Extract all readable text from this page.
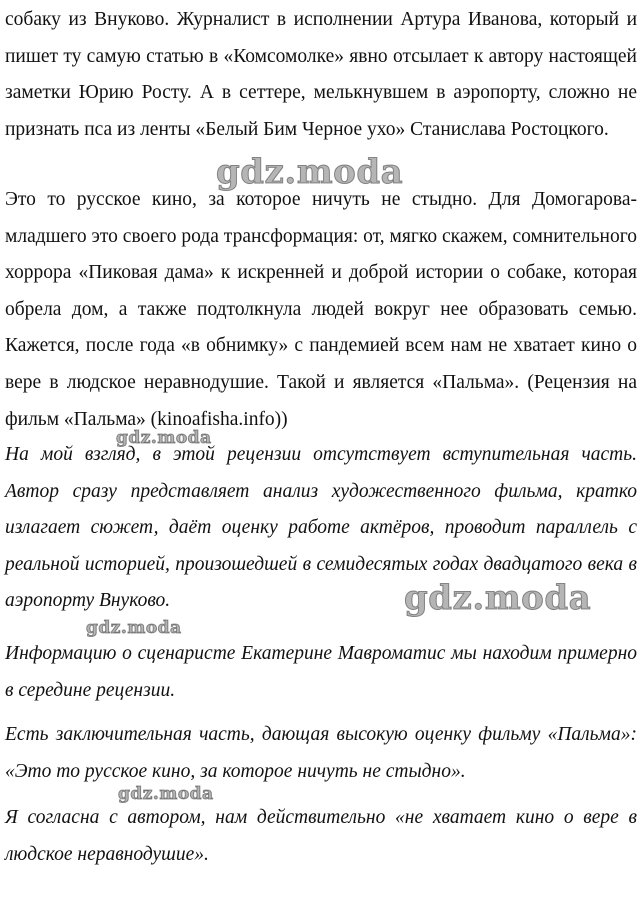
собаку из Внуково. Журналист в исполнении Артура Иванова, который и пишет ту самую статью в «Комсомолке» явно отсылает к автору настоящей заметки Юрию Росту. А в сеттере, мелькнувшем в аэропорту, сложно не признать пса из ленты «Белый Бим Черное ухо» Станислава Ростоцкого.

Это то русское кино, за которое ничуть не стыдно. Для Домогарова-младшего это своего рода трансформация: от, мягко скажем, сомнительного хоррора «Пиковая дама» к искренней и доброй истории о собаке, которая обрела дом, а также подтолкнула людей вокруг нее образовать семью. Кажется, после года «в обнимку» с пандемией всем нам не хватает кино о вере в людское неравнодушие. Такой и является «Пальма». (Рецензия на фильм «Пальма» (kinoafisha.info))

На мой взгляд, в этой рецензии отсутствует вступительная часть. Автор сразу представляет анализ художественного фильма, кратко излагает сюжет, даёт оценку работе актёров, проводит параллель с реальной историей, произошедшей в семидесятых годах двадцатого века в аэропорту Внуково.

Информацию о сценаристе Екатерине Мавроматис мы находим примерно в середине рецензии.

Есть заключительная часть, дающая высокую оценку фильму «Пальма»: «Это то русское кино, за которое ничуть не стыдно».

Я согласна с автором, нам действительно «не хватает кино о вере в людское неравнодушие».

gdz.moda
gdz.moda
gdz.moda
gdz.moda
gdz.moda
